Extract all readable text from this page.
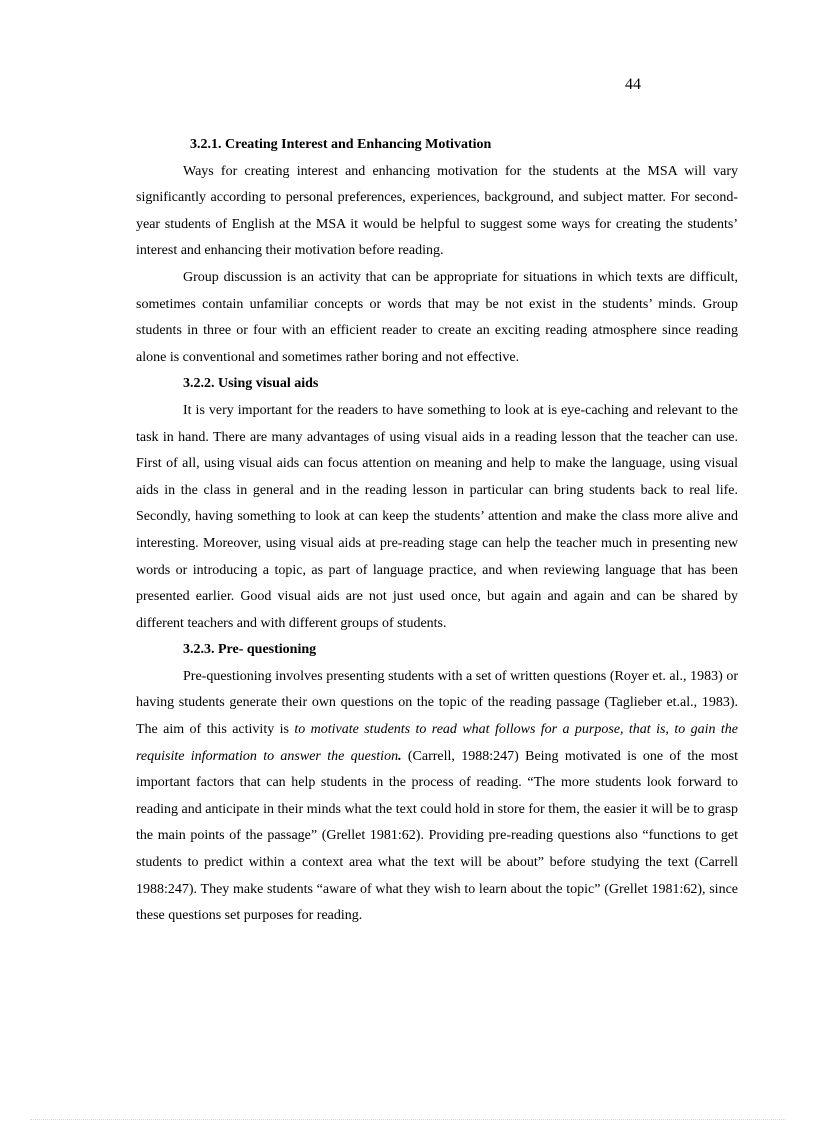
44

3.2.1. Creating Interest and Enhancing Motivation

Ways for creating interest and enhancing motivation for the students at the MSA will vary significantly according to personal preferences, experiences, background, and subject matter. For second-year students of English at the MSA it would be helpful to suggest some ways for creating the students’ interest and enhancing their motivation before reading.

Group discussion is an activity that can be appropriate for situations in which texts are difficult, sometimes contain unfamiliar concepts or words that may be not exist in the students’ minds. Group students in three or four with an efficient reader to create an exciting reading atmosphere since reading alone is conventional and sometimes rather boring and not effective.

3.2.2. Using visual aids

It is very important for the readers to have something to look at is eye-caching and relevant to the task in hand. There are many advantages of using visual aids in a reading lesson that the teacher can use. First of all, using visual aids can focus attention on meaning and help to make the language, using visual aids in the class in general and in the reading lesson in particular can bring students back to real life. Secondly, having something to look at can keep the students’ attention and make the class more alive and interesting. Moreover, using visual aids at pre-reading stage can help the teacher much in presenting new words or introducing a topic, as part of language practice, and when reviewing language that has been presented earlier. Good visual aids are not just used once, but again and again and can be shared by different teachers and with different groups of students.

3.2.3. Pre- questioning

Pre-questioning involves presenting students with a set of written questions (Royer et. al., 1983) or having students generate their own questions on the topic of the reading passage (Taglieber et.al., 1983). The aim of this activity is to motivate students to read what follows for a purpose, that is, to gain the requisite information to answer the question. (Carrell, 1988:247) Being motivated is one of the most important factors that can help students in the process of reading. “The more students look forward to reading and anticipate in their minds what the text could hold in store for them, the easier it will be to grasp the main points of the passage” (Grellet 1981:62). Providing pre-reading questions also “functions to get students to predict within a context area what the text will be about” before studying the text (Carrell 1988:247). They make students “aware of what they wish to learn about the topic” (Grellet 1981:62), since these questions set purposes for reading.
